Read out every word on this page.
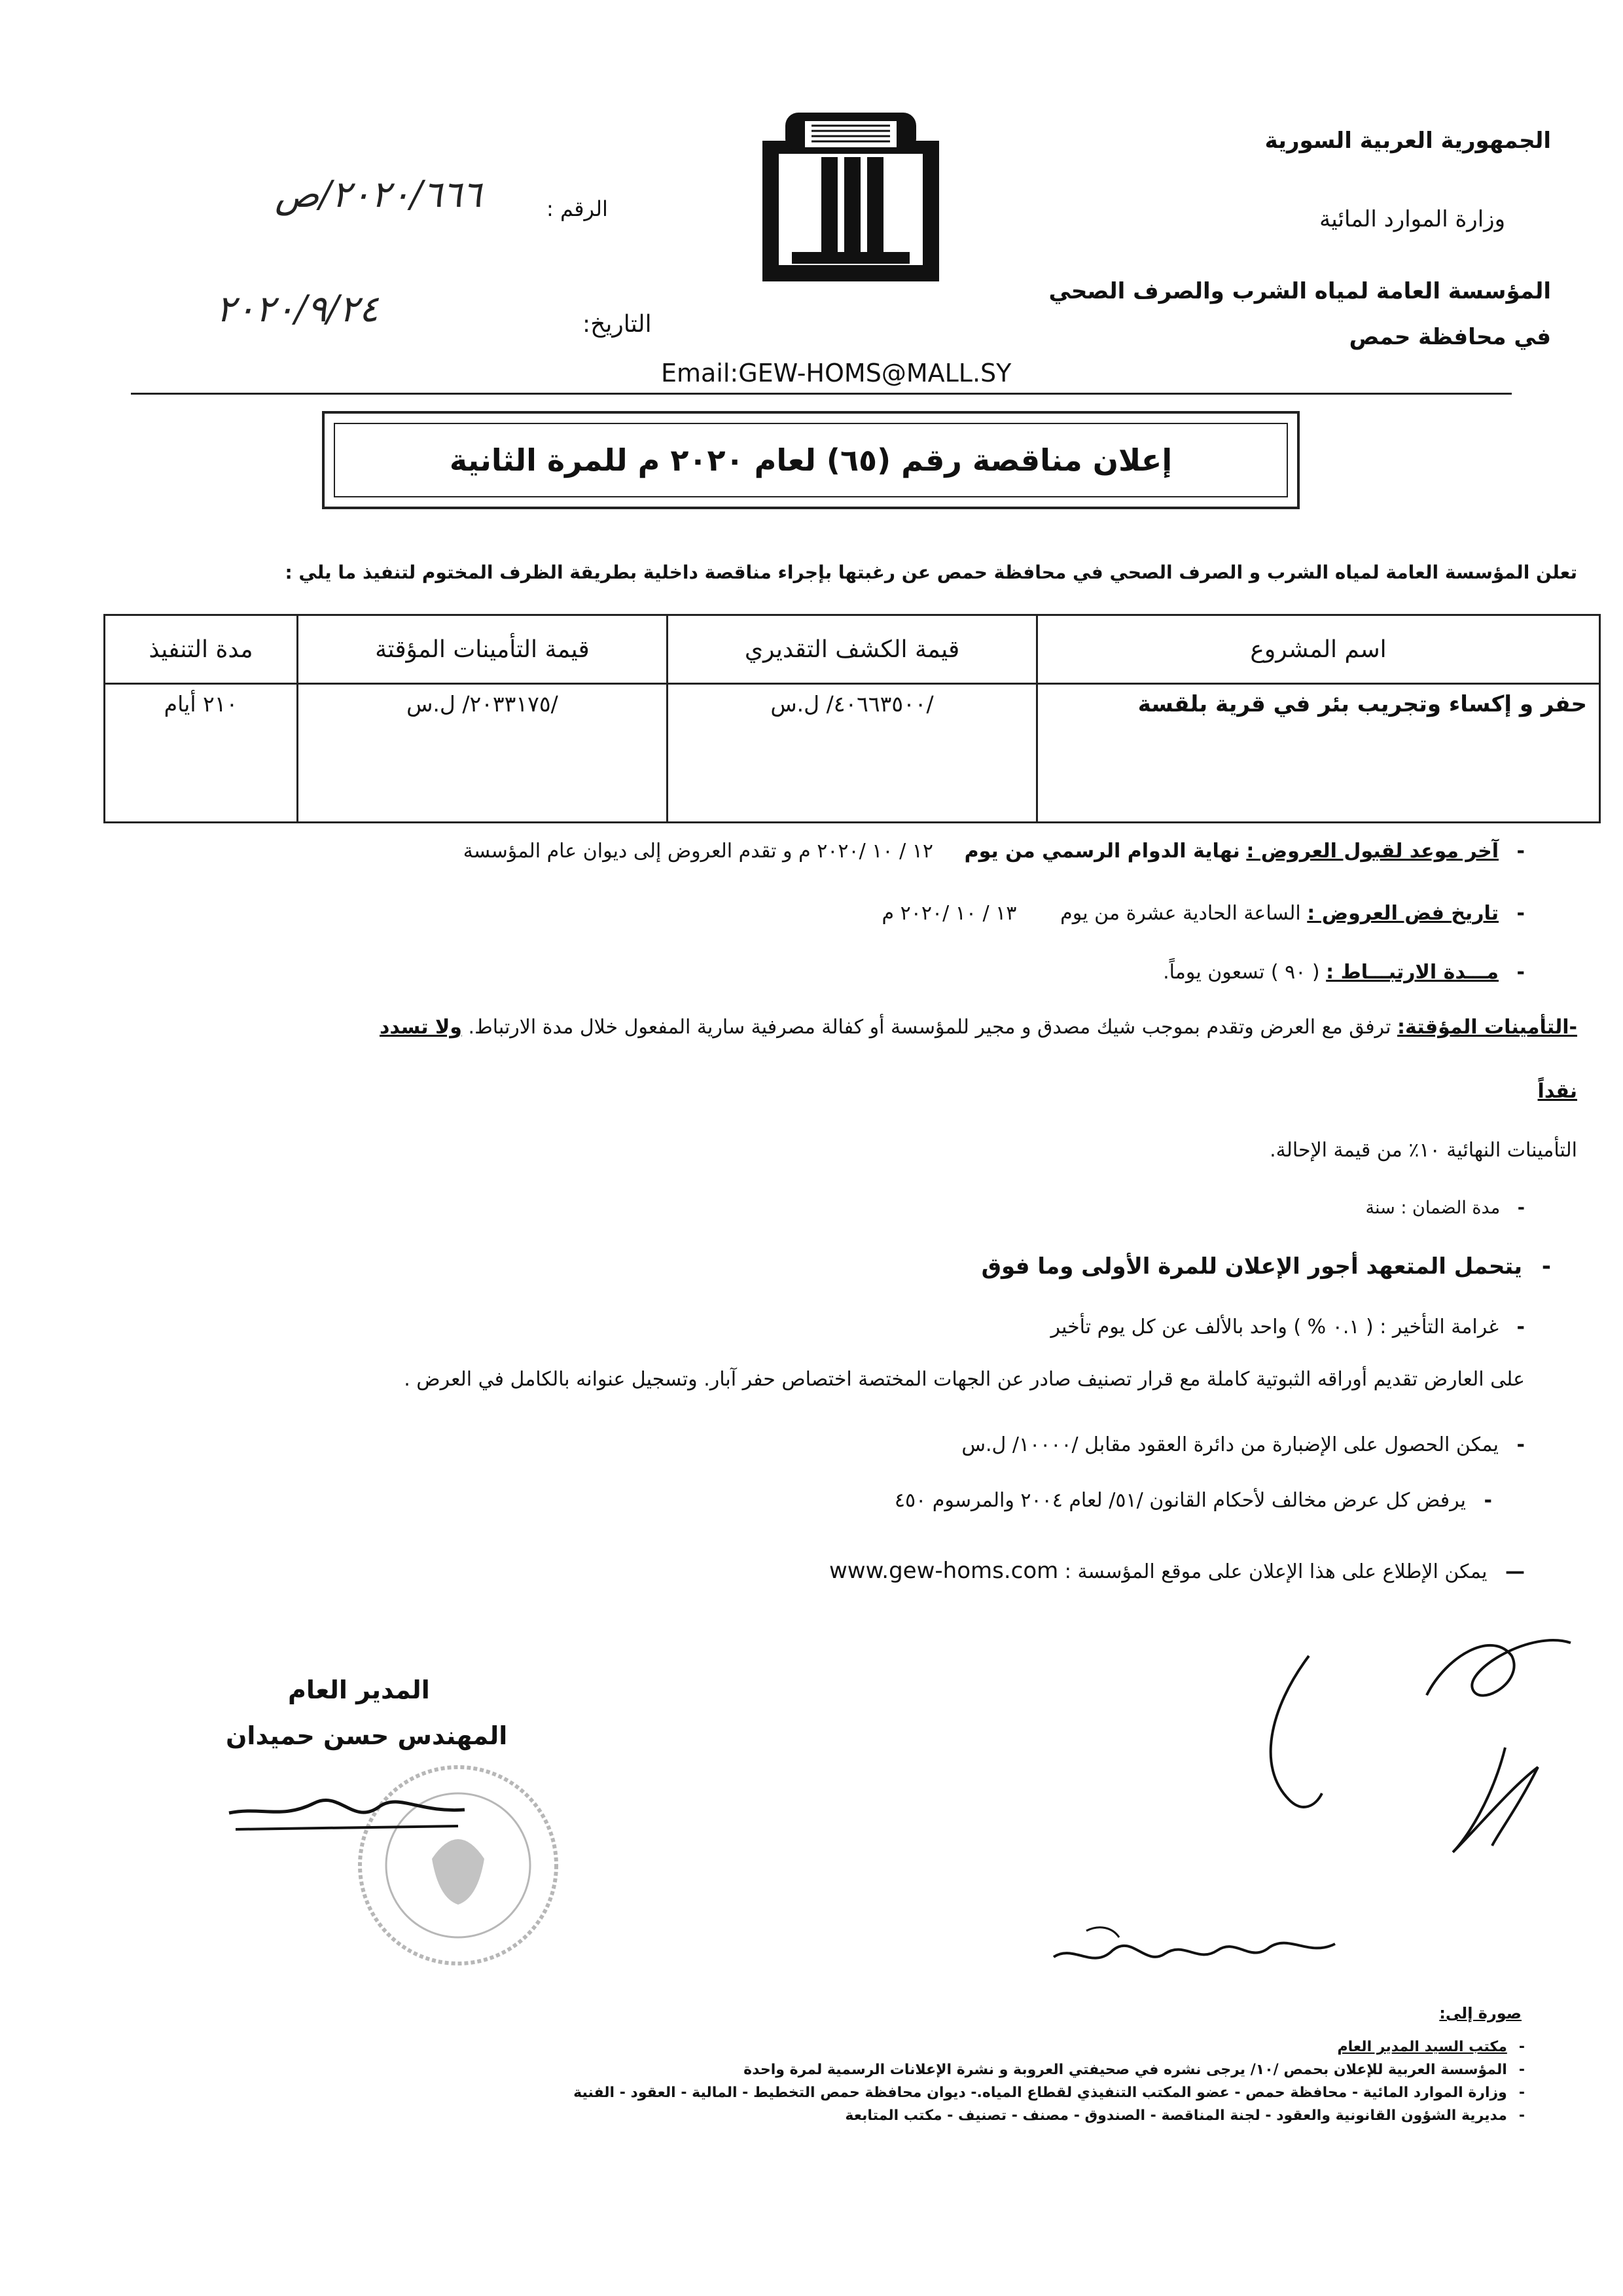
الجمهورية العربية السورية
وزارة الموارد المائية
المؤسسة العامة لمياه الشرب والصرف الصحي
في محافظة حمص
الرقم :
٢٠٢٠/٦٦٦/ص
التاريخ:
٢٠٢٠/٩/٢٤
Email:GEW-HOMS@MALL.SY
إعلان مناقصة رقم (٦٥) لعام ٢٠٢٠ م للمرة الثانية
تعلن المؤسسة العامة لمياه الشرب و الصرف الصحي في محافظة حمص عن رغبتها بإجراء مناقصة داخلية بطريقة الظرف المختوم لتنفيذ ما يلي :
اسم المشروع	قيمة الكشف التقديري	قيمة التأمينات المؤقتة	مدة التنفيذ
حفر و إكساء وتجريب بئر في قرية بلقسة	/٤٠٦٦٣٥٠٠/ ل.س	/٢٠٣٣١٧٥/ ل.س	٢١٠ أيام
- آخر موعد لقبول العروض : نهاية الدوام الرسمي من يوم     ١٢ / ١٠ /٢٠٢٠ م و تقدم العروض إلى ديوان عام المؤسسة
- تاريخ فض العروض : الساعة الحادية عشرة من يوم       ١٣ / ١٠ /٢٠٢٠ م
- مـــدة الارتبـــاط : ( ٩٠ ) تسعون يوماً.
-التأمينات المؤقتة: ترفق مع العرض وتقدم بموجب شيك مصدق و مجير للمؤسسة أو كفالة مصرفية سارية المفعول خلال مدة الارتباط. ولا تسدد
نقداً
التأمينات النهائية ١٠٪ من قيمة الإحالة.
- مدة الضمان : سنة
- يتحمل المتعهد أجور الإعلان للمرة الأولى وما فوق
- غرامة التأخير : ( ٠.١ % ) واحد بالألف عن كل يوم تأخير
على العارض تقديم أوراقه الثبوتية كاملة مع قرار تصنيف صادر عن الجهات المختصة اختصاص حفر آبار. وتسجيل عنوانه بالكامل في العرض .
- يمكن الحصول على الإضبارة من دائرة العقود مقابل /١٠٠٠٠/ ل.س
- يرفض كل عرض مخالف لأحكام القانون /٥١/ لعام ٢٠٠٤ والمرسوم ٤٥٠
— يمكن الإطلاع على هذا الإعلان على موقع المؤسسة : www.gew-homs.com
المدير العام
المهندس حسن حميدان
صورة إلى:
-مكتب السيد المدير العام
-المؤسسة العربية للإعلان بحمص /١٠/ يرجى نشره في صحيفتي العروبة و نشرة الإعلانات الرسمية لمرة واحدة
-وزارة الموارد المائية - محافظة حمص - عضو المكتب التنفيذي لقطاع المياه.- ديوان محافظة حمص التخطيط - المالية - العقود - الفنية
-مديرية الشؤون القانونية والعقود - لجنة المناقصة - الصندوق - مصنف - تصنيف - مكتب المتابعة
